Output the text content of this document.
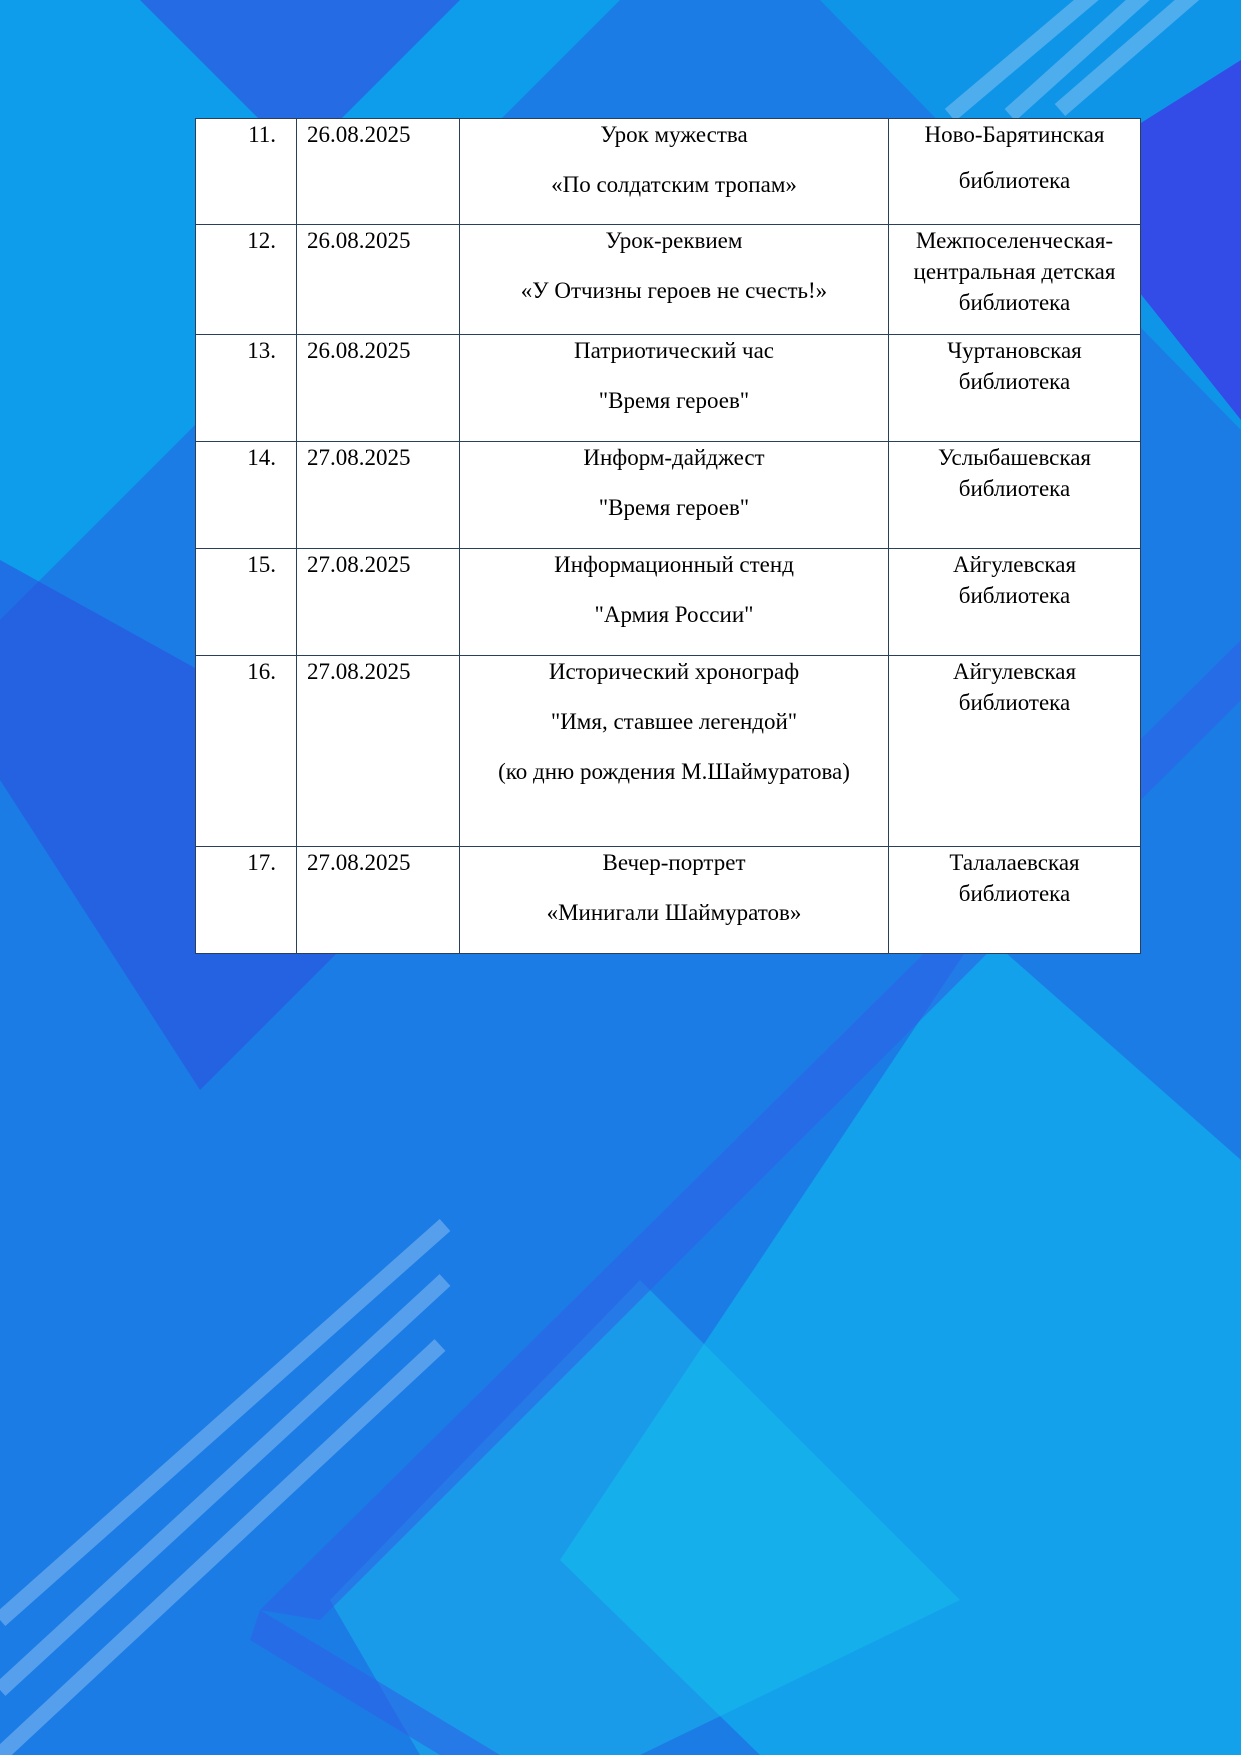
11.	26.08.2025	Урок мужества
«По солдатским тропам»	Ново-Барятинская
библиотека

12.	26.08.2025	Урок-реквием
«У Отчизны героев не счесть!»	Межпоселенческая-
центральная детская
библиотека

13.	26.08.2025	Патриотический час
"Время героев"	Чуртановская
библиотека

14.	27.08.2025	Информ-дайджест
"Время героев"	Услыбашевская
библиотека

15.	27.08.2025	Информационный стенд
"Армия России"	Айгулевская
библиотека

16.	27.08.2025	Исторический хронограф
"Имя, ставшее легендой"
(ко дню рождения М.Шаймуратова)	Айгулевская
библиотека

17.	27.08.2025	Вечер-портрет
«Минигали Шаймуратов»	Талалаевская
библиотека
